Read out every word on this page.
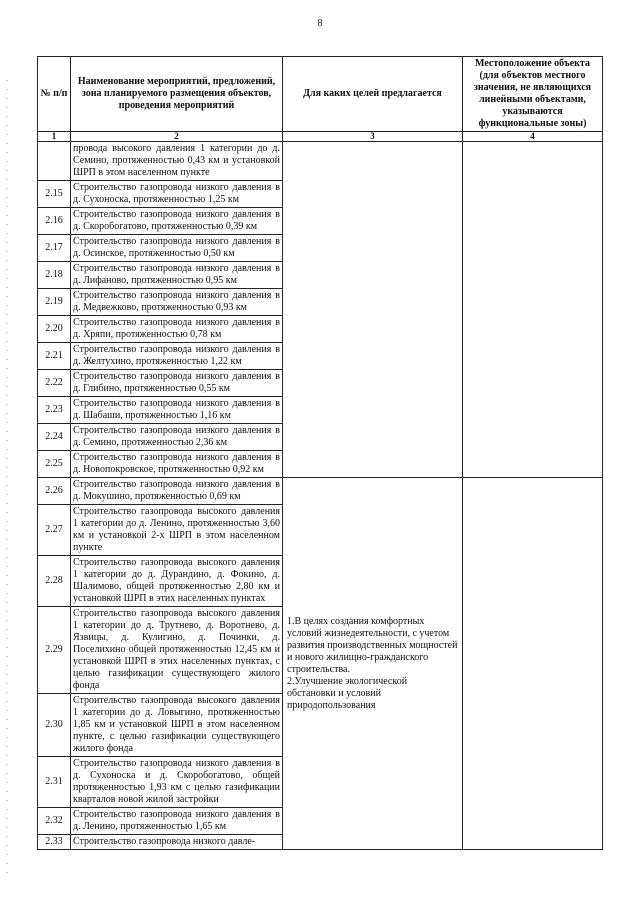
8
№ п/п	Наименование мероприятий, предложений, зона планируемого размещения объектов, проведения мероприятий	Для каких целей предлагается	Местоположение объекта (для объектов местного значения, не являющихся линейными объектами, указываются функциональные зоны)
1	2	3	4
	провода высокого давления 1 категории до д. Семино, протяженностью 0,43 км и установкой ШРП в этом населенном пункте		
2.15	Строительство газопровода низкого давления в д. Сухоноска, протяженностью 1,25 км		
2.16	Строительство газопровода низкого давления в д. Скоробогатово, протяженностью 0,39 км		
2.17	Строительство газопровода низкого давления в д. Осинское, протяженностью 0,50 км		
2.18	Строительство газопровода низкого давления в д. Лифаново, протяженностью 0,95 км		
2.19	Строительство газопровода низкого давления в д. Медвежково, протяженностью 0,93 км		
2.20	Строительство газопровода низкого давления в д. Хряпи, протяженностью 0,78 км		
2.21	Строительство газопровода низкого давления в д. Желтухино, протяженностью 1,22 км		
2.22	Строительство газопровода низкого давления в д. Глибино, протяженностью 0,55 км		
2.23	Строительство газопровода низкого давления в д. Шабаши, протяженностью 1,16 км		
2.24	Строительство газопровода низкого давления в д. Семино, протяженностью 2,36 км		
2.25	Строительство газопровода низкого давления в д. Новопокровское, протяженностью 0,92 км		
2.26	Строительство газопровода низкого давления в д. Мокушино, протяженностью 0,69 км	1.В целях создания комфортных условий жизнедеятельности, с учетом развития производственных мощностей и нового жилищно-гражданского строительства.
2.Улучшение экологической обстановки и условий природопользования	
2.27	Строительство газопровода высокого давления 1 категории до д. Ленино, протяженностью 3,60 км и установкой 2-х ШРП в этом населенном пункте		
2.28	Строительство газопровода высокого давления 1 категории до д. Дурандино, д. Фокино, д. Шалимово, общей протяженностью 2,80 км и установкой ШРП в этих населенных пунктах		
2.29	Строительство газопровода высокого давления 1 категории до д. Трутнево, д. Воротнево, д. Язвицы, д. Кулигино, д. Починки, д. Поселихино общей протяженностью 12,45 км и установкой ШРП в этих населенных пунктах, с целью газификации существующего жилого фонда		
2.30	Строительство газопровода высокого давления 1 категории до д. Ловыгино, протяженностью 1,85 км и установкой ШРП в этом населенном пункте, с целью газификации существующего жилого фонда		
2.31	Строительство газопровода низкого давления в д. Сухоноска и д. Скоробогатово, общей протяженностью 1,93 км с целью газификации кварталов новой жилой застройки		
2.32	Строительство газопровода низкого давления в д. Ленино, протяженностью 1,65 км		
2.33	Строительство газопровода низкого давле-		
